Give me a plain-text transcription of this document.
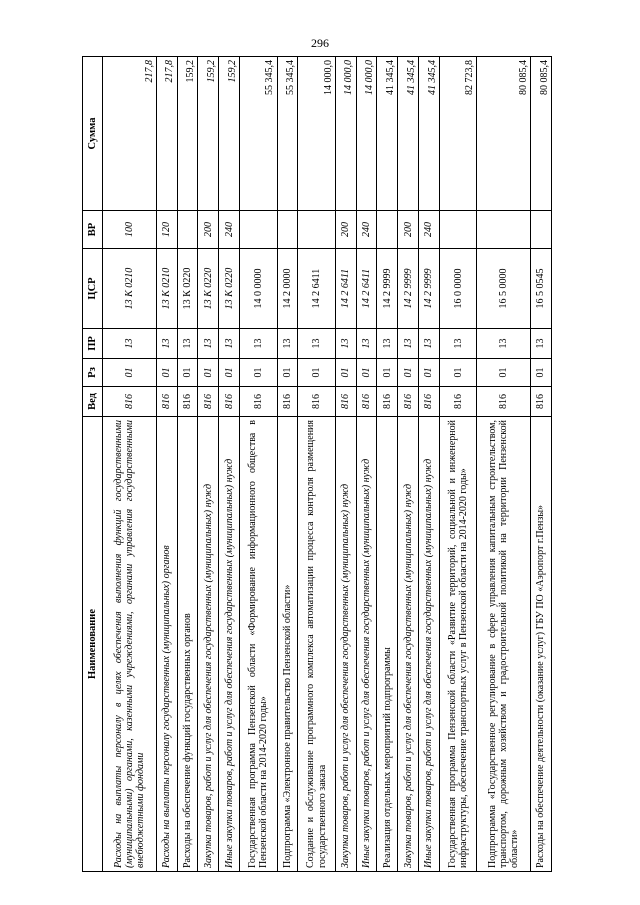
296
Наименование	Вед	Рз	ПР	ЦСР	ВР	Сумма
Расходы на выплаты персоналу в целях обеспечения выполнения функций государственными (муниципальными) органами, казенными учреждениями, органами управления государственными внебюджетными фондами	816	01	13	13 К 0210	100	217,8
Расходы на выплаты персоналу государственных (муниципальных) органов	816	01	13	13 К 0210	120	217,8
Расходы на обеспечение функций государственных органов	816	01	13	13 К 0220		159,2
Закупка товаров, работ и услуг для обеспечения государственных (муниципальных) нужд	816	01	13	13 К 0220	200	159,2
Иные закупки товаров, работ и услуг для обеспечения государственных (муниципальных) нужд	816	01	13	13 К 0220	240	159,2
Государственная программа Пензенской области «Формирование информационного общества в Пензенской области на 2014-2020 годы»	816	01	13	14 0 0000		55 345,4
Подпрограмма «Электронное правительство Пензенской области»	816	01	13	14 2 0000		55 345,4
Создание и обслуживание программного комплекса автоматизации процесса контроля размещения государственного заказа	816	01	13	14 2 6411		14 000,0
Закупка товаров, работ и услуг для обеспечения государственных (муниципальных) нужд	816	01	13	14 2 6411	200	14 000,0
Иные закупки товаров, работ и услуг для обеспечения государственных (муниципальных) нужд	816	01	13	14 2 6411	240	14 000,0
Реализация отдельных мероприятий подпрограммы	816	01	13	14 2 9999		41 345,4
Закупка товаров, работ и услуг для обеспечения государственных (муниципальных) нужд	816	01	13	14 2 9999	200	41 345,4
Иные закупки товаров, работ и услуг для обеспечения государственных (муниципальных) нужд	816	01	13	14 2 9999	240	41 345,4
Государственная программа Пензенской области «Развитие территорий, социальной и инженерной инфраструктуры, обеспечение транспортных услуг в Пензенской области на 2014-2020 годы»	816	01	13	16 0 0000		82 723,8
Подпрограмма «Государственное регулирование в сфере управления капитальным строительством, транспортом, дорожным хозяйством и градостроительной политикой на территории Пензенской области»	816	01	13	16 5 0000		80 085,4
Расходы на обеспечение деятельности (оказание услуг) ГБУ ПО «Аэропорт г.Пензы»	816	01	13	16 5 0545		80 085,4
